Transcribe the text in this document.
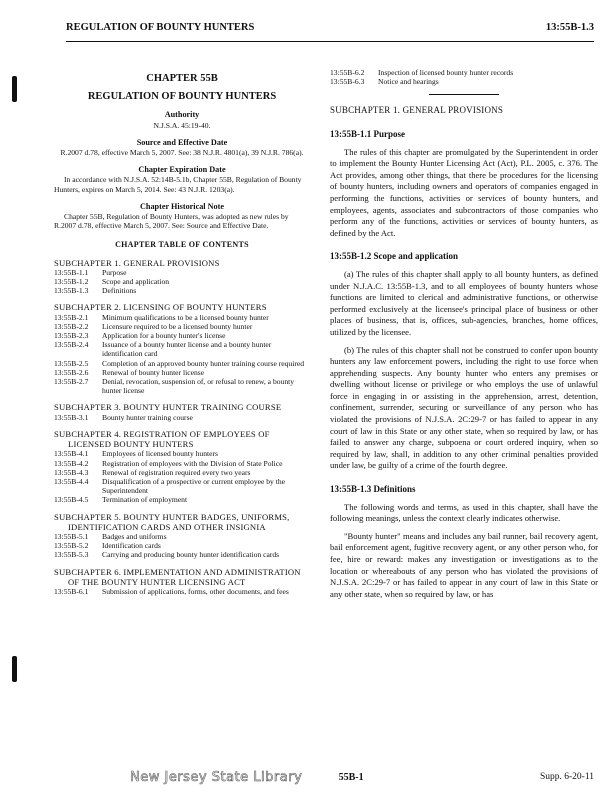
REGULATION OF BOUNTY HUNTERS	13:55B-1.3
CHAPTER 55B
REGULATION OF BOUNTY HUNTERS
Authority
N.J.S.A. 45:19-40.
Source and Effective Date
R.2007 d.78, effective March 5, 2007. See: 38 N.J.R. 4801(a), 39 N.J.R. 786(a).
Chapter Expiration Date
In accordance with N.J.S.A. 52:14B-5.1b, Chapter 55B, Regulation of Bounty Hunters, expires on March 5, 2014. See: 43 N.J.R. 1203(a).
Chapter Historical Note
Chapter 55B, Regulation of Bounty Hunters, was adopted as new rules by R.2007 d.78, effective March 5, 2007. See: Source and Effective Date.
CHAPTER TABLE OF CONTENTS
SUBCHAPTER 1. GENERAL PROVISIONS
13:55B-1.1	Purpose
13:55B-1.2	Scope and application
13:55B-1.3	Definitions
SUBCHAPTER 2. LICENSING OF BOUNTY HUNTERS
13:55B-2.1	Minimum qualifications to be a licensed bounty hunter
13:55B-2.2	Licensure required to be a licensed bounty hunter
13:55B-2.3	Application for a bounty hunter's license
13:55B-2.4	Issuance of a bounty hunter license and a bounty hunter identification card
13:55B-2.5	Completion of an approved bounty hunter training course required
13:55B-2.6	Renewal of bounty hunter license
13:55B-2.7	Denial, revocation, suspension of, or refusal to renew, a bounty hunter license
SUBCHAPTER 3. BOUNTY HUNTER TRAINING COURSE
13:55B-3.1	Bounty hunter training course
SUBCHAPTER 4. REGISTRATION OF EMPLOYEES OF LICENSED BOUNTY HUNTERS
13:55B-4.1	Employees of licensed bounty hunters
13:55B-4.2	Registration of employees with the Division of State Police
13:55B-4.3	Renewal of registration required every two years
13:55B-4.4	Disqualification of a prospective or current employee by the Superintendent
13:55B-4.5	Termination of employment
SUBCHAPTER 5. BOUNTY HUNTER BADGES, UNIFORMS, IDENTIFICATION CARDS AND OTHER INSIGNIA
13:55B-5.1	Badges and uniforms
13:55B-5.2	Identification cards
13:55B-5.3	Carrying and producing bounty hunter identification cards
SUBCHAPTER 6. IMPLEMENTATION AND ADMINISTRATION OF THE BOUNTY HUNTER LICENSING ACT
13:55B-6.1	Submission of applications, forms, other documents, and fees
13:55B-6.2	Inspection of licensed bounty hunter records
13:55B-6.3	Notice and hearings
SUBCHAPTER 1. GENERAL PROVISIONS
13:55B-1.1 Purpose

The rules of this chapter are promulgated by the Superintendent in order to implement the Bounty Hunter Licensing Act (Act), P.L. 2005, c. 376. The Act provides, among other things, that there be procedures for the licensing of bounty hunters, including owners and operators of companies engaged in performing the functions, activities or services of bounty hunters, and employees, agents, associates and subcontractors of those companies who perform any of the functions, activities or services of bounty hunters, as defined by the Act.

13:55B-1.2 Scope and application

(a) The rules of this chapter shall apply to all bounty hunters, as defined under N.J.A.C. 13:55B-1.3, and to all employees of bounty hunters whose functions are limited to clerical and administrative functions, or otherwise performed exclusively at the licensee's principal place of business or other places of business, that is, offices, sub-agencies, branches, home offices, utilized by the licensee.

(b) The rules of this chapter shall not be construed to confer upon bounty hunters any law enforcement powers, including the right to use force when apprehending suspects. Any bounty hunter who enters any premises or dwelling without license or privilege or who employs the use of unlawful force in engaging in or assisting in the apprehension, arrest, detention, confinement, surrender, securing or surveillance of any person who has violated the provisions of N.J.S.A. 2C:29-7 or has failed to appear in any court of law in this State or any other state, when so required by law, or has failed to answer any charge, subpoena or court ordered inquiry, when so required by law, shall, in addition to any other criminal penalties provided under law, be guilty of a crime of the fourth degree.

13:55B-1.3 Definitions

The following words and terms, as used in this chapter, shall have the following meanings, unless the context clearly indicates otherwise.

"Bounty hunter" means and includes any bail runner, bail recovery agent, bail enforcement agent, fugitive recovery agent, or any other person who, for fee, hire or reward: makes any investigation or investigations as to the location or whereabouts of any person who has violated the provisions of N.J.S.A. 2C:29-7 or has failed to appear in any court of law in this State or any other state, when so required by law, or has

New Jersey State Library	55B-1	Supp. 6-20-11
